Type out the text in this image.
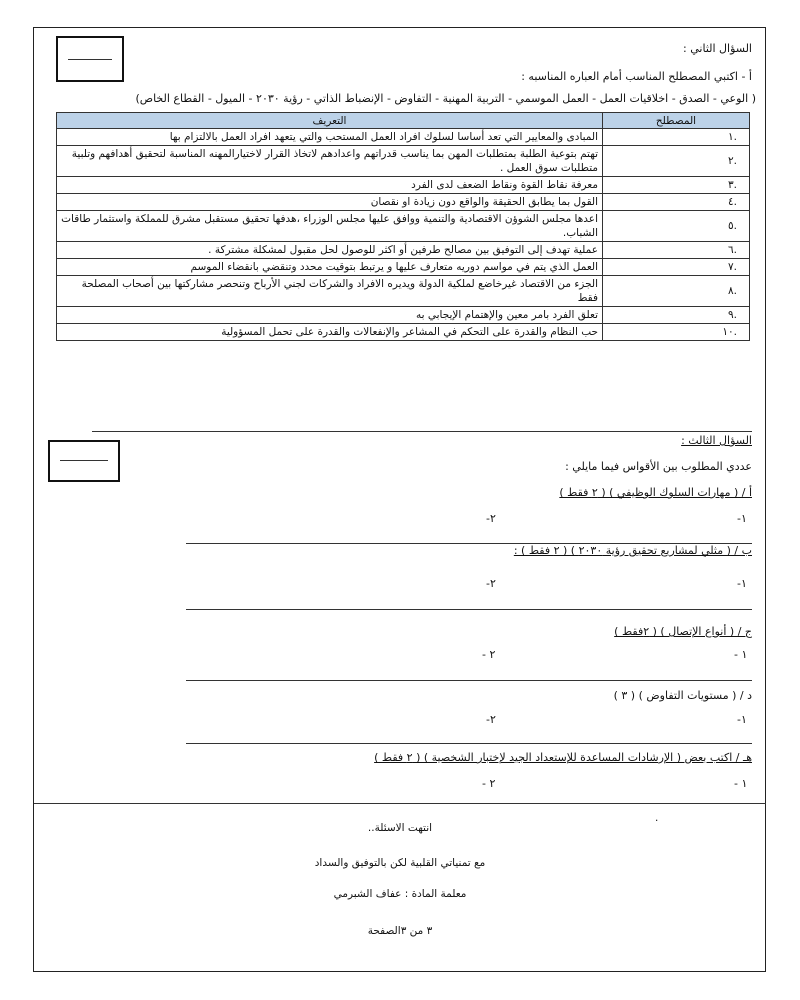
السؤال الثاني :
أ - اكتبي المصطلح المناسب أمام العباره المناسبه :
( الوعي - الصدق - اخلاقيات العمل - العمل الموسمي - التربية المهنية - التفاوض - الإنضباط الذاتي - رؤية ٢٠٣٠ - الميول - القطاع الخاص)
المصطلح	التعريف
.١	المبادى والمعايير التي تعد أساسا لسلوك افراد العمل المستحب والتي يتعهد افراد العمل بالالتزام بها
.٢	تهتم بتوعية الطلبة بمتطلبات المهن بما يناسب قدراتهم واعدادهم لاتخاذ القرار لاختيارالمهنه المناسبة لتحقيق أهدافهم وتلبية متطلبات سوق العمل .
.٣	معرفة نقاط القوة ونقاط الضعف لدى الفرد
.٤	القول بما يطابق الحقيقة والواقع دون زيادة او نقصان
.٥	اعدها مجلس الشوؤن الاقتصادية والتنمية ووافق عليها مجلس الوزراء ،هدفها تحقيق مستقبل مشرق للمملكة واستثمار طاقات الشباب.
.٦	عملية تهدف إلى التوفيق بين مصالح طرفين أو اكثر للوصول لحل مقبول لمشكلة مشتركة .
.٧	العمل الذي يتم في مواسم دوريه متعارف عليها و يرتبط بتوقيت محدد وتنقضي بانقضاء الموسم
.٨	الجزء من الاقتصاد غيرخاضع لملكية الدولة ويديره الافراد والشركات لجني الأرباح وتنحصر مشاركتها بين أصحاب المصلحة فقط
.٩	تعلق الفرد بامر معين والإهتمام الإيجابي به
.١٠	حب النظام والقدرة على التحكم في المشاعر والإنفعالات والقدرة على تحمل المسؤولية
السؤال الثالث :
عددي المطلوب بين الأقواس فيما مايلي :
أ / ( مهارات السلوك الوظيفي ) ( ٢ فقط )
-١
-٢
ب / ( مثلي لمشاريع تحقيق رؤية ٢٠٣٠ ) ( ٢ فقط ) :
-١
-٢
ج / ( أنواع الإتصال ) ( ٢فقط )
- ١
- ٢
د / ( مستويات التفاوض ) ( ٣ )
-١
-٢
هـ / اكتب بعض ( الإرشادات المساعدة للإستعداد الجيد لإختبار الشخصية ) ( ٢ فقط )
- ١
- ٢
.
انتهت الاسئلة..
مع تمنياتي القلبية لكن بالتوفيق والسداد
معلمة المادة : عفاف الشبرمي
٣ من ٣الصفحة
